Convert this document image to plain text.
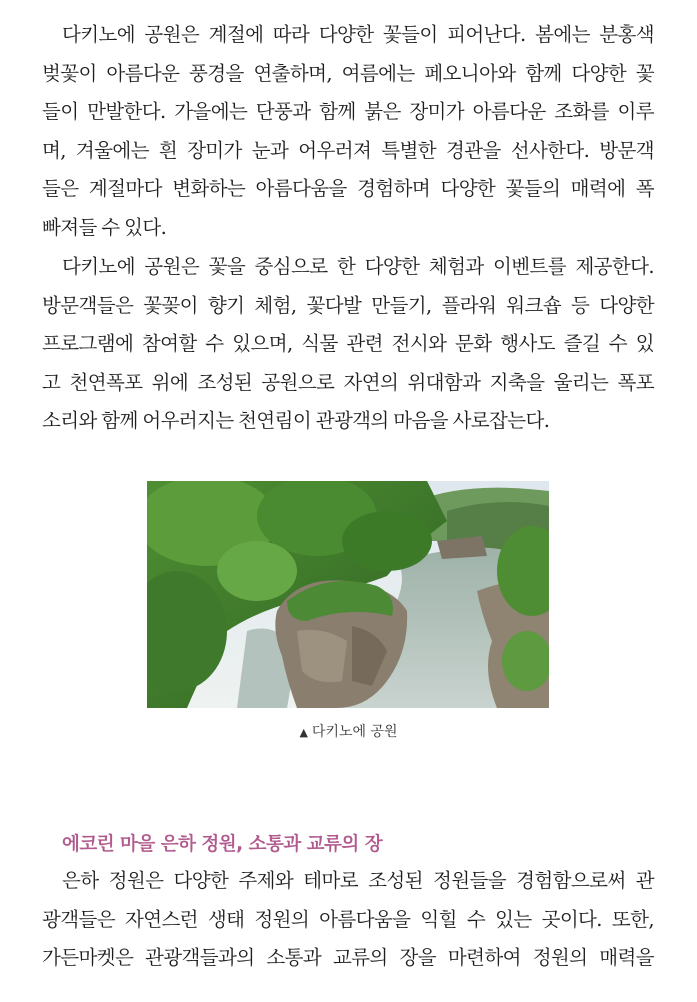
다키노에 공원은 계절에 따라 다양한 꽃들이 피어난다. 봄에는 분홍색
벚꽃이 아름다운 풍경을 연출하며, 여름에는 페오니아와 함께 다양한 꽃
들이 만발한다. 가을에는 단풍과 함께 붉은 장미가 아름다운 조화를 이루
며, 겨울에는 흰 장미가 눈과 어우러져 특별한 경관을 선사한다. 방문객
들은 계절마다 변화하는 아름다움을 경험하며 다양한 꽃들의 매력에 폭
빠져들 수 있다.
다키노에 공원은 꽃을 중심으로 한 다양한 체험과 이벤트를 제공한다.
방문객들은 꽃꽂이 향기 체험, 꽃다발 만들기, 플라워 워크숍 등 다양한
프로그램에 참여할 수 있으며, 식물 관련 전시와 문화 행사도 즐길 수 있
고 천연폭포 위에 조성된 공원으로 자연의 위대함과 지축을 울리는 폭포
소리와 함께 어우러지는 천연림이 관광객의 마음을 사로잡는다.
▲ 다키노에 공원
에코린 마을 은하 정원, 소통과 교류의 장
은하 정원은 다양한 주제와 테마로 조성된 정원들을 경험함으로써 관
광객들은 자연스런 생태 정원의 아름다움을 익힐 수 있는 곳이다. 또한,
가든마켓은 관광객들과의 소통과 교류의 장을 마련하여 정원의 매력을
